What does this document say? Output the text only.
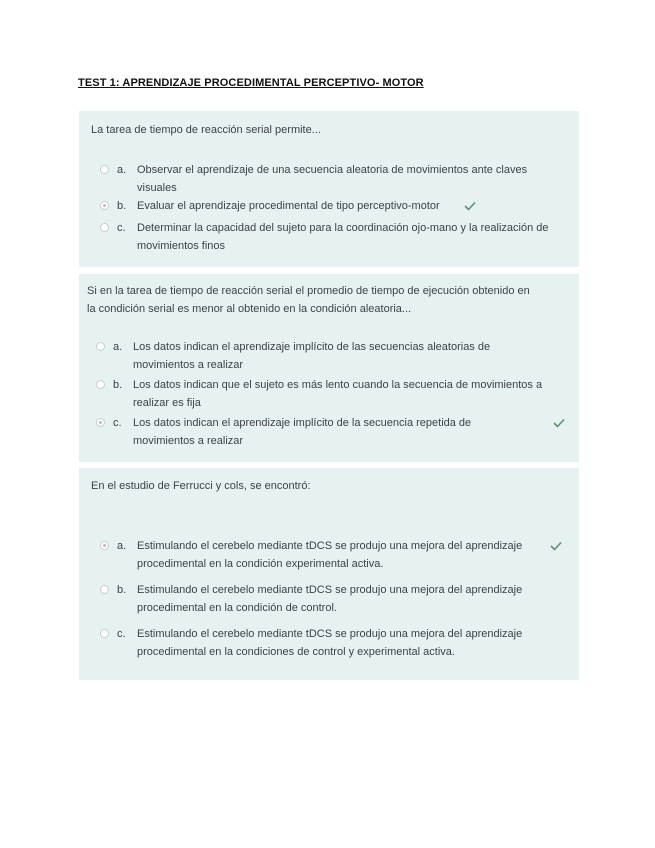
TEST 1: APRENDIZAJE PROCEDIMENTAL PERCEPTIVO- MOTOR
La tarea de tiempo de reacción serial permite...
a. Observar el aprendizaje de una secuencia aleatoria de movimientos ante claves
visuales
b. Evaluar el aprendizaje procedimental de tipo perceptivo-motor
c. Determinar la capacidad del sujeto para la coordinación ojo-mano y la realización de
movimientos finos
Si en la tarea de tiempo de reacción serial el promedio de tiempo de ejecución obtenido en
la condición serial es menor al obtenido en la condición aleatoria...
a. Los datos indican el aprendizaje implícito de las secuencias aleatorias de
movimientos a realizar
b. Los datos indican que el sujeto es más lento cuando la secuencia de movimientos a
realizar es fija
c. Los datos indican el aprendizaje implícito de la secuencia repetida de
movimientos a realizar
En el estudio de Ferrucci y cols, se encontró:
a. Estimulando el cerebelo mediante tDCS se produjo una mejora del aprendizaje
procedimental en la condición experimental activa.
b. Estimulando el cerebelo mediante tDCS se produjo una mejora del aprendizaje
procedimental en la condición de control.
c. Estimulando el cerebelo mediante tDCS se produjo una mejora del aprendizaje
procedimental en la condiciones de control y experimental activa.
